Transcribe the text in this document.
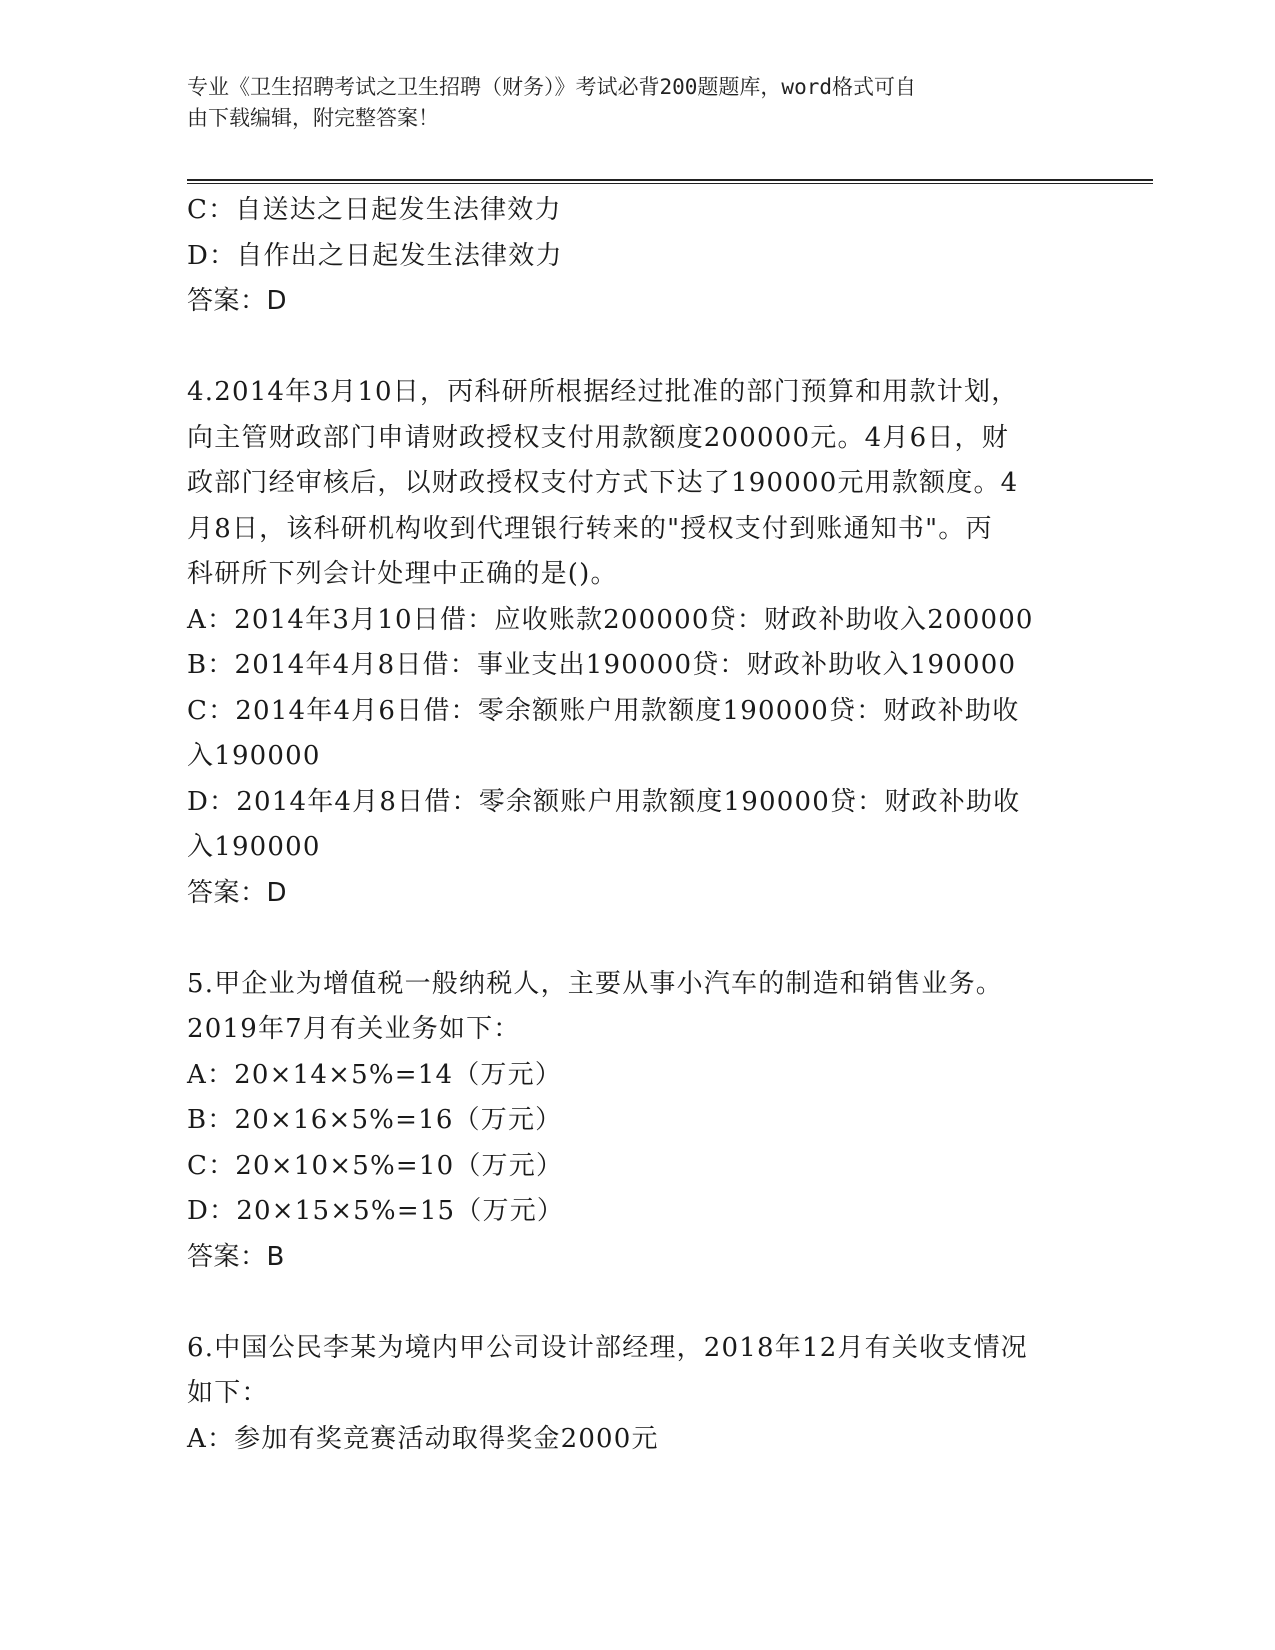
专业《卫生招聘考试之卫生招聘（财务）》考试必背200题题库，word格式可自
由下载编辑，附完整答案！
C：自送达之日起发生法律效力
D：自作出之日起发生法律效力
答案：D
4.2014年3月10日，丙科研所根据经过批准的部门预算和用款计划，
向主管财政部门申请财政授权支付用款额度200000元。4月6日，财
政部门经审核后，以财政授权支付方式下达了190000元用款额度。4
月8日，该科研机构收到代理银行转来的"授权支付到账通知书"。丙
科研所下列会计处理中正确的是()。
A：2014年3月10日借：应收账款200000贷：财政补助收入200000
B：2014年4月8日借：事业支出190000贷：财政补助收入190000
C：2014年4月6日借：零余额账户用款额度190000贷：财政补助收
入190000
D：2014年4月8日借：零余额账户用款额度190000贷：财政补助收
入190000
答案：D
5.甲企业为增值税一般纳税人，主要从事小汽车的制造和销售业务。
2019年7月有关业务如下：
A：20×14×5%=14（万元）
B：20×16×5%=16（万元）
C：20×10×5%=10（万元）
D：20×15×5%=15（万元）
答案：B
6.中国公民李某为境内甲公司设计部经理，2018年12月有关收支情况
如下：
A：参加有奖竞赛活动取得奖金2000元
